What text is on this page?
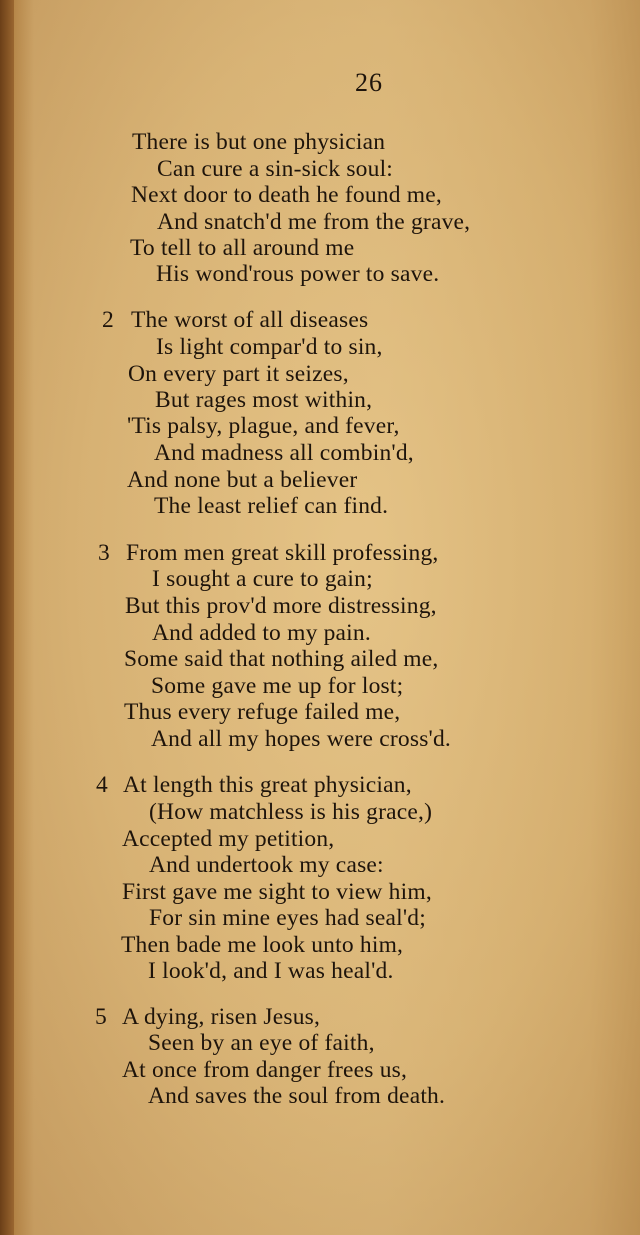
26
There is but one physician
Can cure a sin-sick soul:
Next door to death he found me,
And snatch'd me from the grave,
To tell to all around me
His wond'rous power to save.
2 The worst of all diseases
Is light compar'd to sin,
On every part it seizes,
But rages most within,
'Tis palsy, plague, and fever,
And madness all combin'd,
And none but a believer
The least relief can find.
3 From men great skill professing,
I sought a cure to gain;
But this prov'd more distressing,
And added to my pain.
Some said that nothing ailed me,
Some gave me up for lost;
Thus every refuge failed me,
And all my hopes were cross'd.
4 At length this great physician,
(How matchless is his grace,)
Accepted my petition,
And undertook my case:
First gave me sight to view him,
For sin mine eyes had seal'd;
Then bade me look unto him,
I look'd, and I was heal'd.
5 A dying, risen Jesus,
Seen by an eye of faith,
At once from danger frees us,
And saves the soul from death.
